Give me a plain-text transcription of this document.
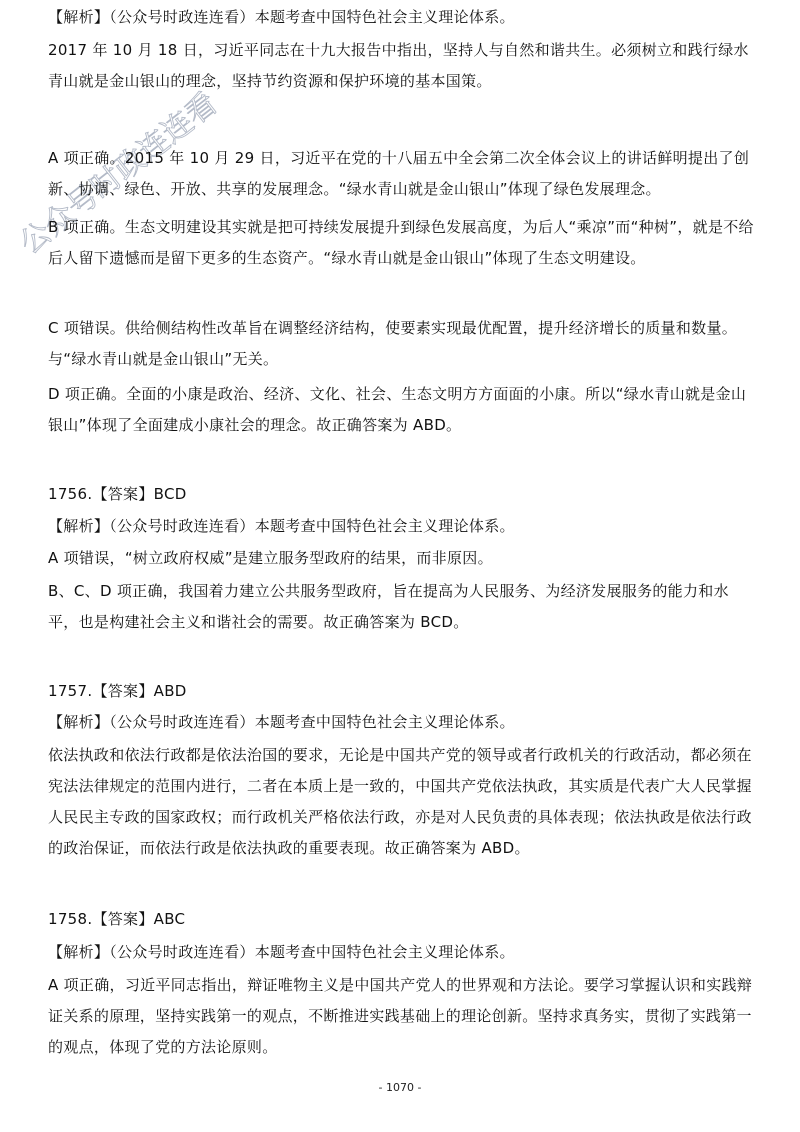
公众号时政连连看

【解析】（公众号时政连连看）本题考查中国特色社会主义理论体系。

2017 年 10 月 18 日，习近平同志在十九大报告中指出，坚持人与自然和谐共生。必须树立和践行绿水青山就是金山银山的理念，坚持节约资源和保护环境的基本国策。

A 项正确。2015 年 10 月 29 日，习近平在党的十八届五中全会第二次全体会议上的讲话鲜明提出了创新、协调、绿色、开放、共享的发展理念。“绿水青山就是金山银山”体现了绿色发展理念。

B 项正确。生态文明建设其实就是把可持续发展提升到绿色发展高度，为后人“乘凉”而“种树”，就是不给后人留下遗憾而是留下更多的生态资产。“绿水青山就是金山银山”体现了生态文明建设。

C 项错误。供给侧结构性改革旨在调整经济结构，使要素实现最优配置，提升经济增长的质量和数量。与“绿水青山就是金山银山”无关。

D 项正确。全面的小康是政治、经济、文化、社会、生态文明方方面面的小康。所以“绿水青山就是金山银山”体现了全面建成小康社会的理念。故正确答案为 ABD。

1756.【答案】BCD

【解析】（公众号时政连连看）本题考查中国特色社会主义理论体系。

A 项错误，“树立政府权威”是建立服务型政府的结果，而非原因。

B、C、D 项正确，我国着力建立公共服务型政府，旨在提高为人民服务、为经济发展服务的能力和水平，也是构建社会主义和谐社会的需要。故正确答案为 BCD。

1757.【答案】ABD

【解析】（公众号时政连连看）本题考查中国特色社会主义理论体系。

依法执政和依法行政都是依法治国的要求，无论是中国共产党的领导或者行政机关的行政活动，都必须在宪法法律规定的范围内进行，二者在本质上是一致的，中国共产党依法执政，其实质是代表广大人民掌握人民民主专政的国家政权；而行政机关严格依法行政，亦是对人民负责的具体表现；依法执政是依法行政的政治保证，而依法行政是依法执政的重要表现。故正确答案为 ABD。

1758.【答案】ABC

【解析】（公众号时政连连看）本题考查中国特色社会主义理论体系。

A 项正确，习近平同志指出，辩证唯物主义是中国共产党人的世界观和方法论。要学习掌握认识和实践辩证关系的原理，坚持实践第一的观点，不断推进实践基础上的理论创新。坚持求真务实，贯彻了实践第一的观点，体现了党的方法论原则。

- 1070 -
